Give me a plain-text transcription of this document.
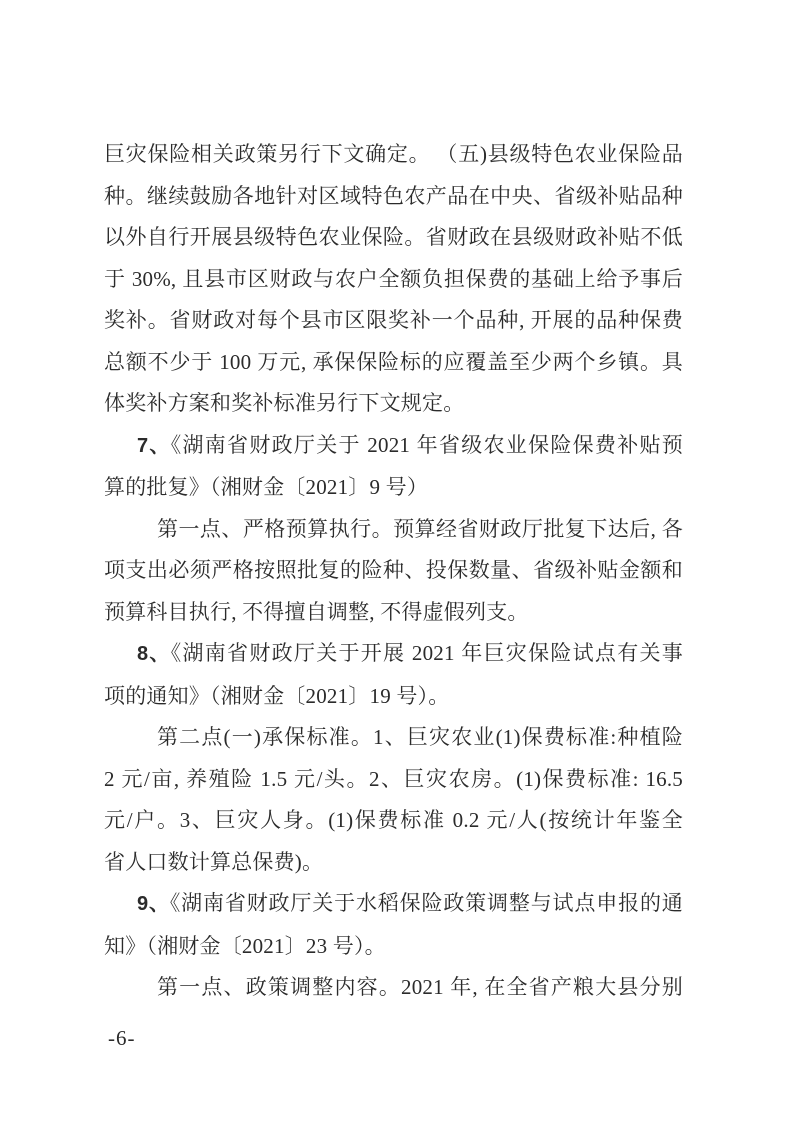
巨灾保险相关政策另行下文确定。 （五)县级特色农业保险品
种。继续鼓励各地针对区域特色农产品在中央、省级补贴品种
以外自行开展县级特色农业保险。省财政在县级财政补贴不低
于 30%, 且县市区财政与农户全额负担保费的基础上给予事后
奖补。省财政对每个县市区限奖补一个品种, 开展的品种保费
总额不少于 100 万元, 承保保险标的应覆盖至少两个乡镇。具
体奖补方案和奖补标准另行下文规定。
7、《湖南省财政厅关于 2021 年省级农业保险保费补贴预
算的批复》（湘财金〔2021〕9 号）
第一点、严格预算执行。预算经省财政厅批复下达后, 各
项支出必须严格按照批复的险种、投保数量、省级补贴金额和
预算科目执行, 不得擅自调整, 不得虚假列支。
8、《湖南省财政厅关于开展 2021 年巨灾保险试点有关事
项的通知》（湘财金〔2021〕19 号）。
第二点(一)承保标准。1、巨灾农业(1)保费标准:种植险
2 元/亩, 养殖险 1.5 元/头。2、巨灾农房。(1)保费标准: 16.5
元/户。3、巨灾人身。(1)保费标准 0.2 元/人(按统计年鉴全
省人口数计算总保费)。
9、《湖南省财政厅关于水稻保险政策调整与试点申报的通
知》（湘财金〔2021〕23 号）。
第一点、政策调整内容。2021 年, 在全省产粮大县分别
-6-
